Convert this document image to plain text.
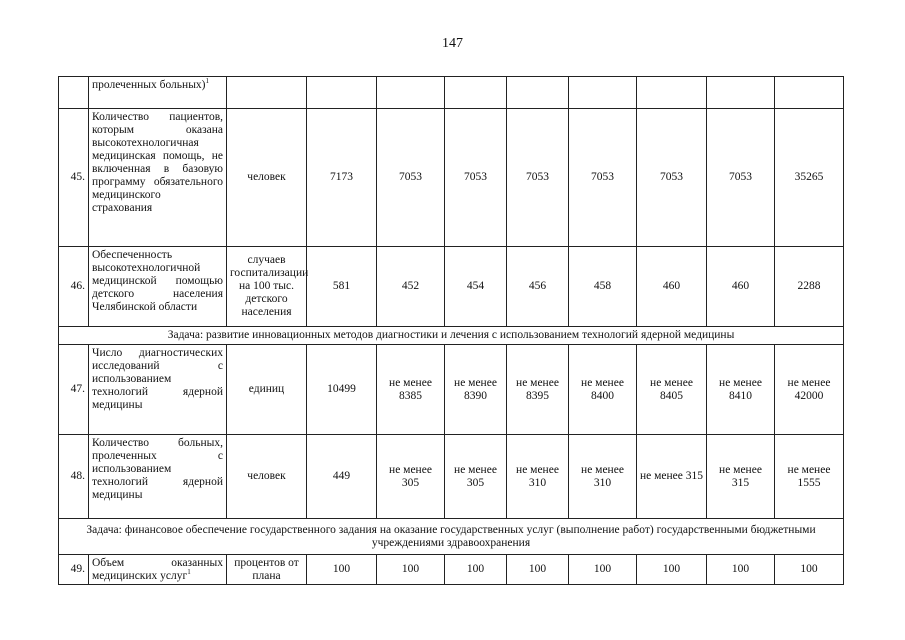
147
	пролеченных больных)$^1$									
45.	Количество пациентов, которым оказана высокотехнологичная медицинская помощь, не включенная в базовую программу обязательного медицинского страхования	человек	7173	7053	7053	7053	7053	7053	7053	35265
46.	Обеспеченность высокотехнологичной медицинской помощью детского населения Челябинской области	случаев госпитализации на 100 тыс. детского населения	581	452	454	456	458	460	460	2288
Задача: развитие инновационных методов диагностики и лечения с использованием технологий ядерной медицины										
47.	Число диагностических исследований с использованием технологий ядерной медицины	единиц	10499	не менее 8385	не менее 8390	не менее 8395	не менее 8400	не менее 8405	не менее 8410	не менее 42000
48.	Количество больных, пролеченных с использованием технологий ядерной медицины	человек	449	не менее 305	не менее 305	не менее 310	не менее 310	не менее 315	не менее 315	не менее 1555
Задача: финансовое обеспечение государственного задания на оказание государственных услуг (выполнение работ) государственными бюджетными учреждениями здравоохранения										
49.	Объем оказанных медицинских услуг$^1$	процентов от плана	100	100	100	100	100	100	100	100
